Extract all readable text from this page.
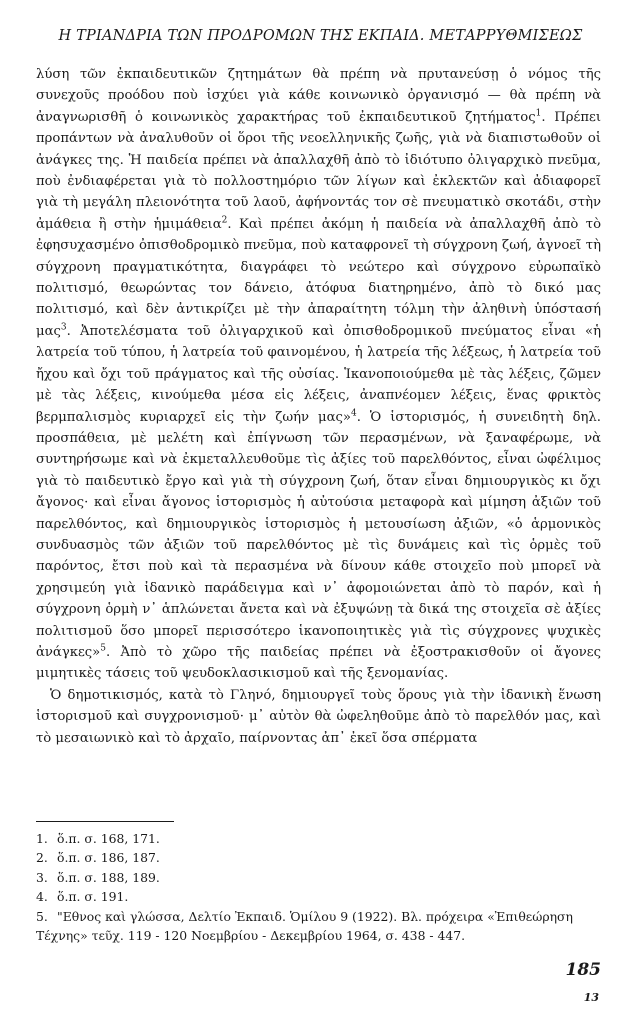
Η ΤΡΙΑΝΔΡΙΑ ΤΩΝ ΠΡΟΔΡΟΜΩΝ ΤΗΣ ΕΚΠΑΙΔ. ΜΕΤΑΡΡΥΘΜΙΣΕΩΣ

λύση τῶν ἐκπαιδευτικῶν ζητημάτων θὰ πρέπη νὰ πρυτανεύσῃ ὁ νόμος τῆς συνεχοῦς προόδου ποὺ ἰσχύει γιὰ κάθε κοινωνικὸ ὀργανισμό — θὰ πρέπη νὰ ἀναγνωρισθῆ ὁ κοινωνικὸς χαρακτήρας τοῦ ἐκπαιδευτικοῦ ζητήματος$^1$. Πρέπει προπάντων νὰ ἀναλυθοῦν οἱ ὅροι τῆς νεοελληνικῆς ζωῆς, γιὰ νὰ διαπιστωθοῦν οἱ ἀνάγκες της. Ἡ παιδεία πρέπει νὰ ἀπαλλαχθῆ ἀπὸ τὸ ἰδιότυπο ὀλιγαρχικὸ πνεῦμα, ποὺ ἐνδιαφέρεται γιὰ τὸ πολλοστημόριο τῶν λίγων καὶ ἐκλεκτῶν καὶ ἀδιαφορεῖ γιὰ τὴ μεγάλη πλειονότητα τοῦ λαοῦ, ἀφήνοντάς τον σὲ πνευματικὸ σκοτάδι, στὴν ἀμάθεια ἢ στὴν ἡμιμάθεια$^2$. Καὶ πρέπει ἀκόμη ἡ παιδεία νὰ ἀπαλλαχθῆ ἀπὸ τὸ ἐφησυχασμένο ὀπισθοδρομικὸ πνεῦμα, ποὺ καταφρονεῖ τὴ σύγχρονη ζωή, ἀγνοεῖ τὴ σύγχρονη πραγματικότητα, διαγράφει τὸ νεώτερο καὶ σύγχρονο εὐρωπαϊκὸ πολιτισμό, θεωρώντας τον δάνειο, ἀτόφυα διατηρημένο, ἀπὸ τὸ δικό μας πολιτισμό, καὶ δὲν ἀντικρίζει μὲ τὴν ἀπαραίτητη τόλμη τὴν ἀληθινὴ ὑπόστασή μας$^3$. Ἀποτελέσματα τοῦ ὀλιγαρχικοῦ καὶ ὀπισθοδρομικοῦ πνεύματος εἶναι «ἡ λατρεία τοῦ τύπου, ἡ λατρεία τοῦ φαινομένου, ἡ λατρεία τῆς λέξεως, ἡ λατρεία τοῦ ἤχου καὶ ὄχι τοῦ πράγματος καὶ τῆς οὐσίας. Ἱκανοποιούμεθα μὲ τὰς λέξεις, ζῶμεν μὲ τὰς λέξεις, κινούμεθα μέσα εἰς λέξεις, ἀναπνέομεν λέξεις, ἕνας φρικτὸς βερμπαλισμὸς κυριαρχεῖ εἰς τὴν ζωήν μας»$^4$. Ὁ ἱστορισμός, ἡ συνειδητὴ δηλ. προσπάθεια, μὲ μελέτη καὶ ἐπίγνωση τῶν περασμένων, νὰ ξαναφέρωμε, νὰ συντηρήσωμε καὶ νὰ ἐκμεταλλευθοῦμε τὶς ἀξίες τοῦ παρελθόντος, εἶναι ὠφέλιμος γιὰ τὸ παιδευτικὸ ἔργο καὶ γιὰ τὴ σύγχρονη ζωή, ὅταν εἶναι δημιουργικὸς κι ὄχι ἄγονος· καὶ εἶναι ἄγονος ἱστορισμὸς ἡ αὐτούσια μεταφορὰ καὶ μίμηση ἀξιῶν τοῦ παρελθόντος, καὶ δημιουργικὸς ἱστορισμὸς ἡ μετουσίωση ἀξιῶν, «ὁ ἁρμονικὸς συνδυασμὸς τῶν ἀξιῶν τοῦ παρελθόντος μὲ τὶς δυνάμεις καὶ τὶς ὁρμὲς τοῦ παρόντος, ἔτσι ποὺ καὶ τὰ περασμένα νὰ δίνουν κάθε στοιχεῖο ποὺ μπορεῖ νὰ χρησιμεύη γιὰ ἰδανικὸ παράδειγμα καὶ ν᾽ ἀφομοιώνεται ἀπὸ τὸ παρόν, καὶ ἡ σύγχρονη ὁρμὴ ν᾽ ἁπλώνεται ἄνετα καὶ νὰ ἐξυψώνῃ τὰ δικά της στοιχεῖα σὲ ἀξίες πολιτισμοῦ ὅσο μπορεῖ περισσότερο ἱκανοποιητικὲς γιὰ τὶς σύγχρονες ψυχικὲς ἀνάγκες»$^5$. Ἀπὸ τὸ χῶρο τῆς παιδείας πρέπει νὰ ἐξοστρακισθοῦν οἱ ἄγονες μιμητικὲς τάσεις τοῦ ψευδοκλασικισμοῦ καὶ τῆς ξενομανίας.

Ὁ δημοτικισμός, κατὰ τὸ Γληνό, δημιουργεῖ τοὺς ὅρους γιὰ τὴν ἰδανικὴ ἕνωση ἱστορισμοῦ καὶ συγχρονισμοῦ· μ᾽ αὐτὸν θὰ ὠφεληθοῦμε ἀπὸ τὸ παρελθόν μας, καὶ τὸ μεσαιωνικὸ καὶ τὸ ἀρχαῖο, παίρνοντας ἀπ᾽ ἐκεῖ ὅσα σπέρματα

1. ὅ.π. σ. 168, 171.

2. ὅ.π. σ. 186, 187.

3. ὅ.π. σ. 188, 189.

4. ὅ.π. σ. 191.

5. "Εθνος καὶ γλώσσα, Δελτίο Ἐκπαιδ. Ὁμίλου 9 (1922). Βλ. πρόχειρα «Ἐπιθεώρηση Τέχνης» τεῦχ. 119 - 120 Νοεμβρίου - Δεκεμβρίου 1964, σ. 438 - 447.

185
13
